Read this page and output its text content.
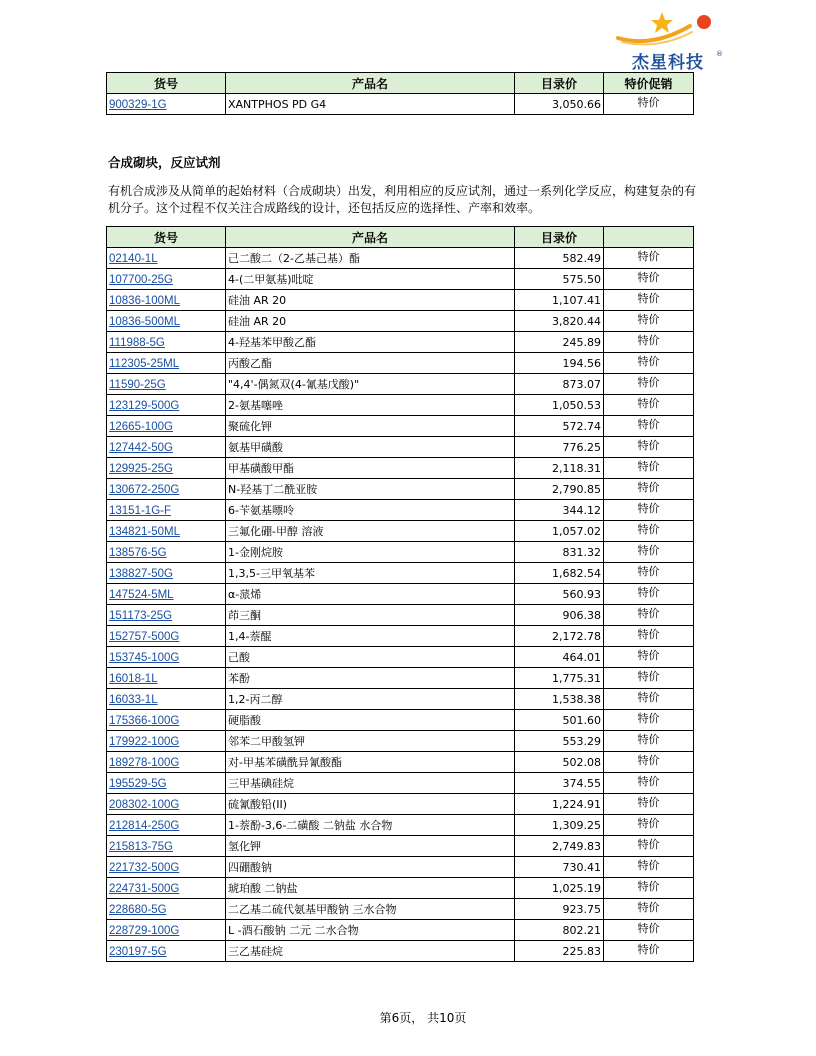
杰星科技	®
货号	产品名	目录价	特价促销
900329-1G	XANTPHOS PD G4	3,050.66	特价
合成砌块，反应试剂
有机合成涉及从简单的起始材料（合成砌块）出发，利用相应的反应试剂，通过一系列化学反应，构建复杂的有机分子。这个过程不仅关注合成路线的设计，还包括反应的选择性、产率和效率。
货号	产品名	目录价	
02140-1L	己二酸二（2-乙基己基）酯	582.49	特价
107700-25G	4-(二甲氨基)吡啶	575.50	特价
10836-100ML	硅油 AR 20	1,107.41	特价
10836-500ML	硅油 AR 20	3,820.44	特价
111988-5G	4-羟基苯甲酸乙酯	245.89	特价
112305-25ML	丙酸乙酯	194.56	特价
11590-25G	"4,4'-偶氮双(4-氰基戊酸)"	873.07	特价
123129-500G	2-氨基噻唑	1,050.53	特价
12665-100G	聚硫化钾	572.74	特价
127442-50G	氨基甲磺酸	776.25	特价
129925-25G	甲基磺酸甲酯	2,118.31	特价
130672-250G	N-羟基丁二酰亚胺	2,790.85	特价
13151-1G-F	6-苄氨基嘌呤	344.12	特价
134821-50ML	三氟化硼-甲醇 溶液	1,057.02	特价
138576-5G	1-金刚烷胺	831.32	特价
138827-50G	1,3,5-三甲氧基苯	1,682.54	特价
147524-5ML	α-蒎烯	560.93	特价
151173-25G	茚三酮	906.38	特价
152757-500G	1,4-萘醌	2,172.78	特价
153745-100G	己酸	464.01	特价
16018-1L	苯酚	1,775.31	特价
16033-1L	1,2-丙二醇	1,538.38	特价
175366-100G	硬脂酸	501.60	特价
179922-100G	邻苯二甲酸氢钾	553.29	特价
189278-100G	对-甲基苯磺酰异氰酸酯	502.08	特价
195529-5G	三甲基碘硅烷	374.55	特价
208302-100G	硫氰酸铅(II)	1,224.91	特价
212814-250G	1-萘酚-3,6-二磺酸 二钠盐 水合物	1,309.25	特价
215813-75G	氢化钾	2,749.83	特价
221732-500G	四硼酸钠	730.41	特价
224731-500G	琥珀酸 二钠盐	1,025.19	特价
228680-5G	二乙基二硫代氨基甲酸钠 三水合物	923.75	特价
228729-100G	L -酒石酸钠 二元 二水合物	802.21	特价
230197-5G	三乙基硅烷	225.83	特价
第6页， 共10页
